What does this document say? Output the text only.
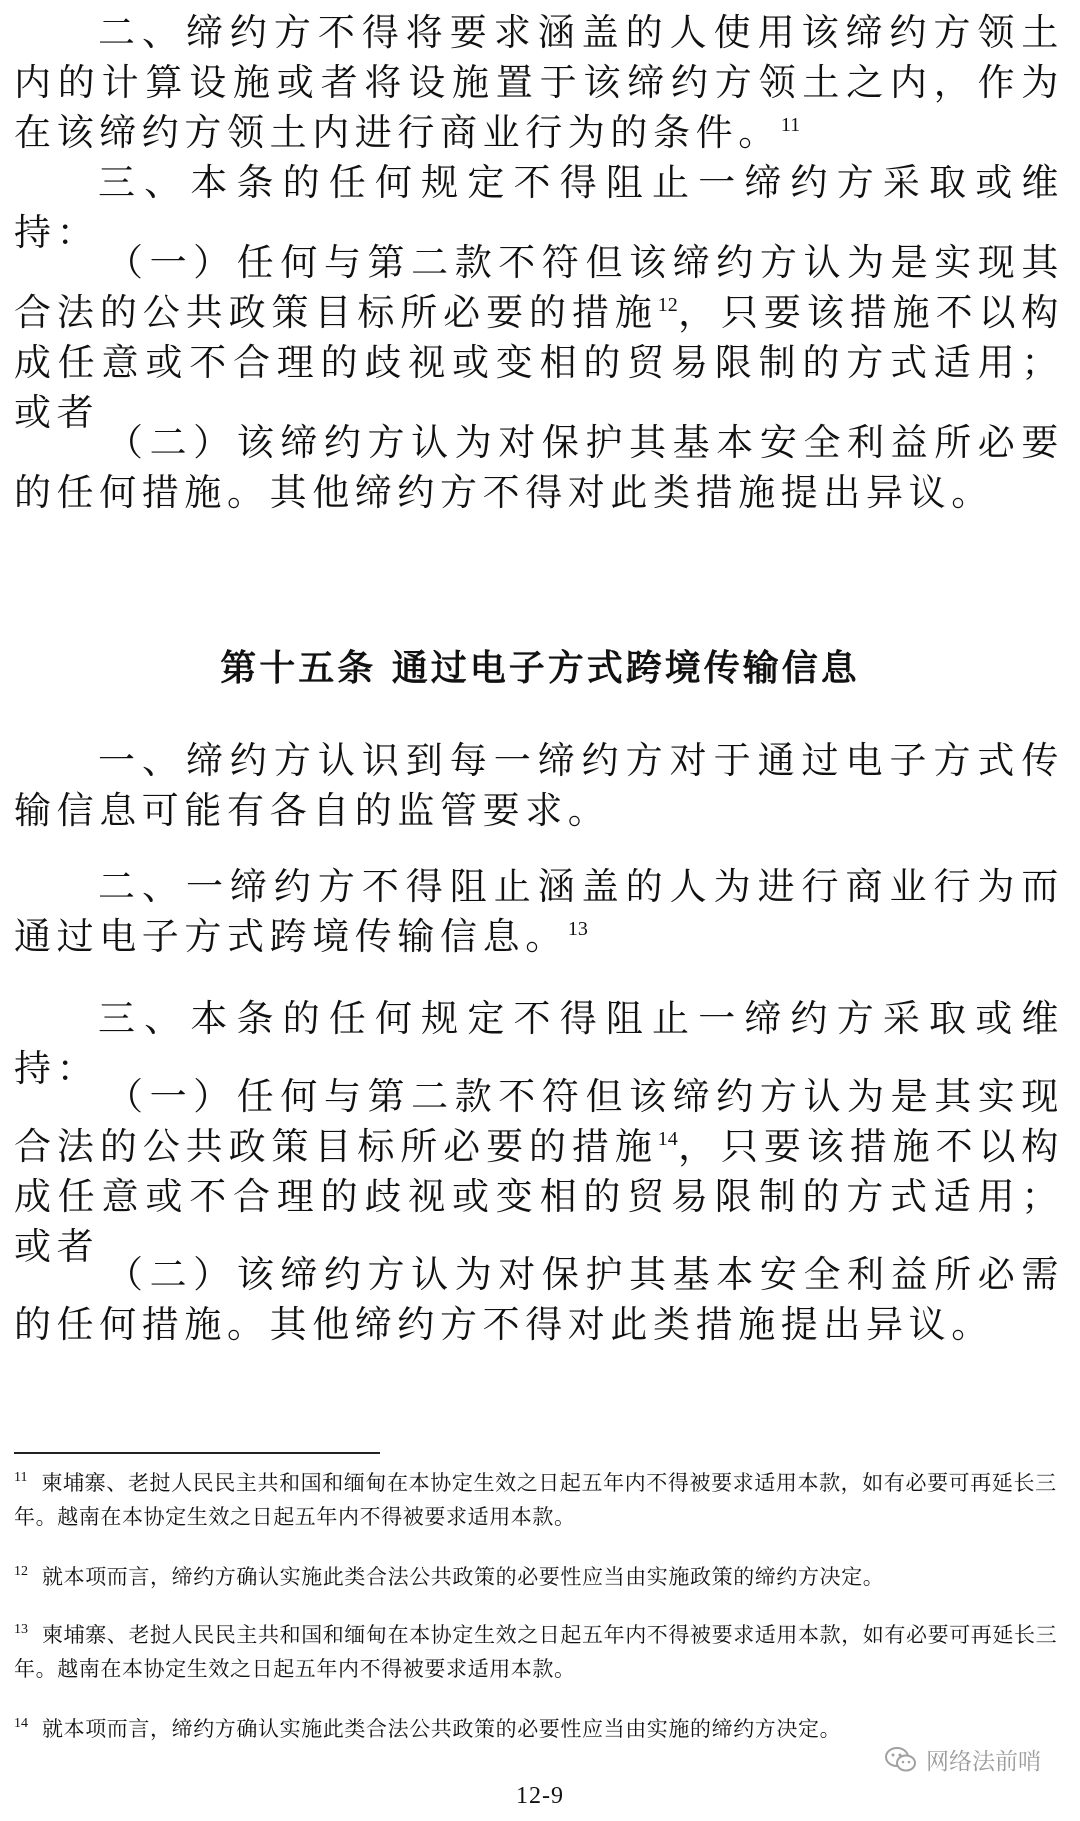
二、缔约方不得将要求涵盖的人使用该缔约方领土内的计算设施或者将设施置于该缔约方领土之内，作为在该缔约方领土内进行商业行为的条件。$^{11}$

三、本条的任何规定不得阻止一缔约方采取或维持：

（一）任何与第二款不符但该缔约方认为是实现其合法的公共政策目标所必要的措施$^{12}$，只要该措施不以构成任意或不合理的歧视或变相的贸易限制的方式适用；或者

（二）该缔约方认为对保护其基本安全利益所必要的任何措施。其他缔约方不得对此类措施提出异议。

第十五条 通过电子方式跨境传输信息

一、缔约方认识到每一缔约方对于通过电子方式传输信息可能有各自的监管要求。

二、一缔约方不得阻止涵盖的人为进行商业行为而通过电子方式跨境传输信息。$^{13}$

三、本条的任何规定不得阻止一缔约方采取或维持：

（一）任何与第二款不符但该缔约方认为是其实现合法的公共政策目标所必要的措施$^{14}$，只要该措施不以构成任意或不合理的歧视或变相的贸易限制的方式适用；或者

（二）该缔约方认为对保护其基本安全利益所必需的任何措施。其他缔约方不得对此类措施提出异议。

$^{11}$ 柬埔寨、老挝人民民主共和国和缅甸在本协定生效之日起五年内不得被要求适用本款，如有必要可再延长三年。越南在本协定生效之日起五年内不得被要求适用本款。

$^{12}$ 就本项而言，缔约方确认实施此类合法公共政策的必要性应当由实施政策的缔约方决定。

$^{13}$ 柬埔寨、老挝人民民主共和国和缅甸在本协定生效之日起五年内不得被要求适用本款，如有必要可再延长三年。越南在本协定生效之日起五年内不得被要求适用本款。

$^{14}$ 就本项而言，缔约方确认实施此类合法公共政策的必要性应当由实施的缔约方决定。

网络法前哨
12-9
